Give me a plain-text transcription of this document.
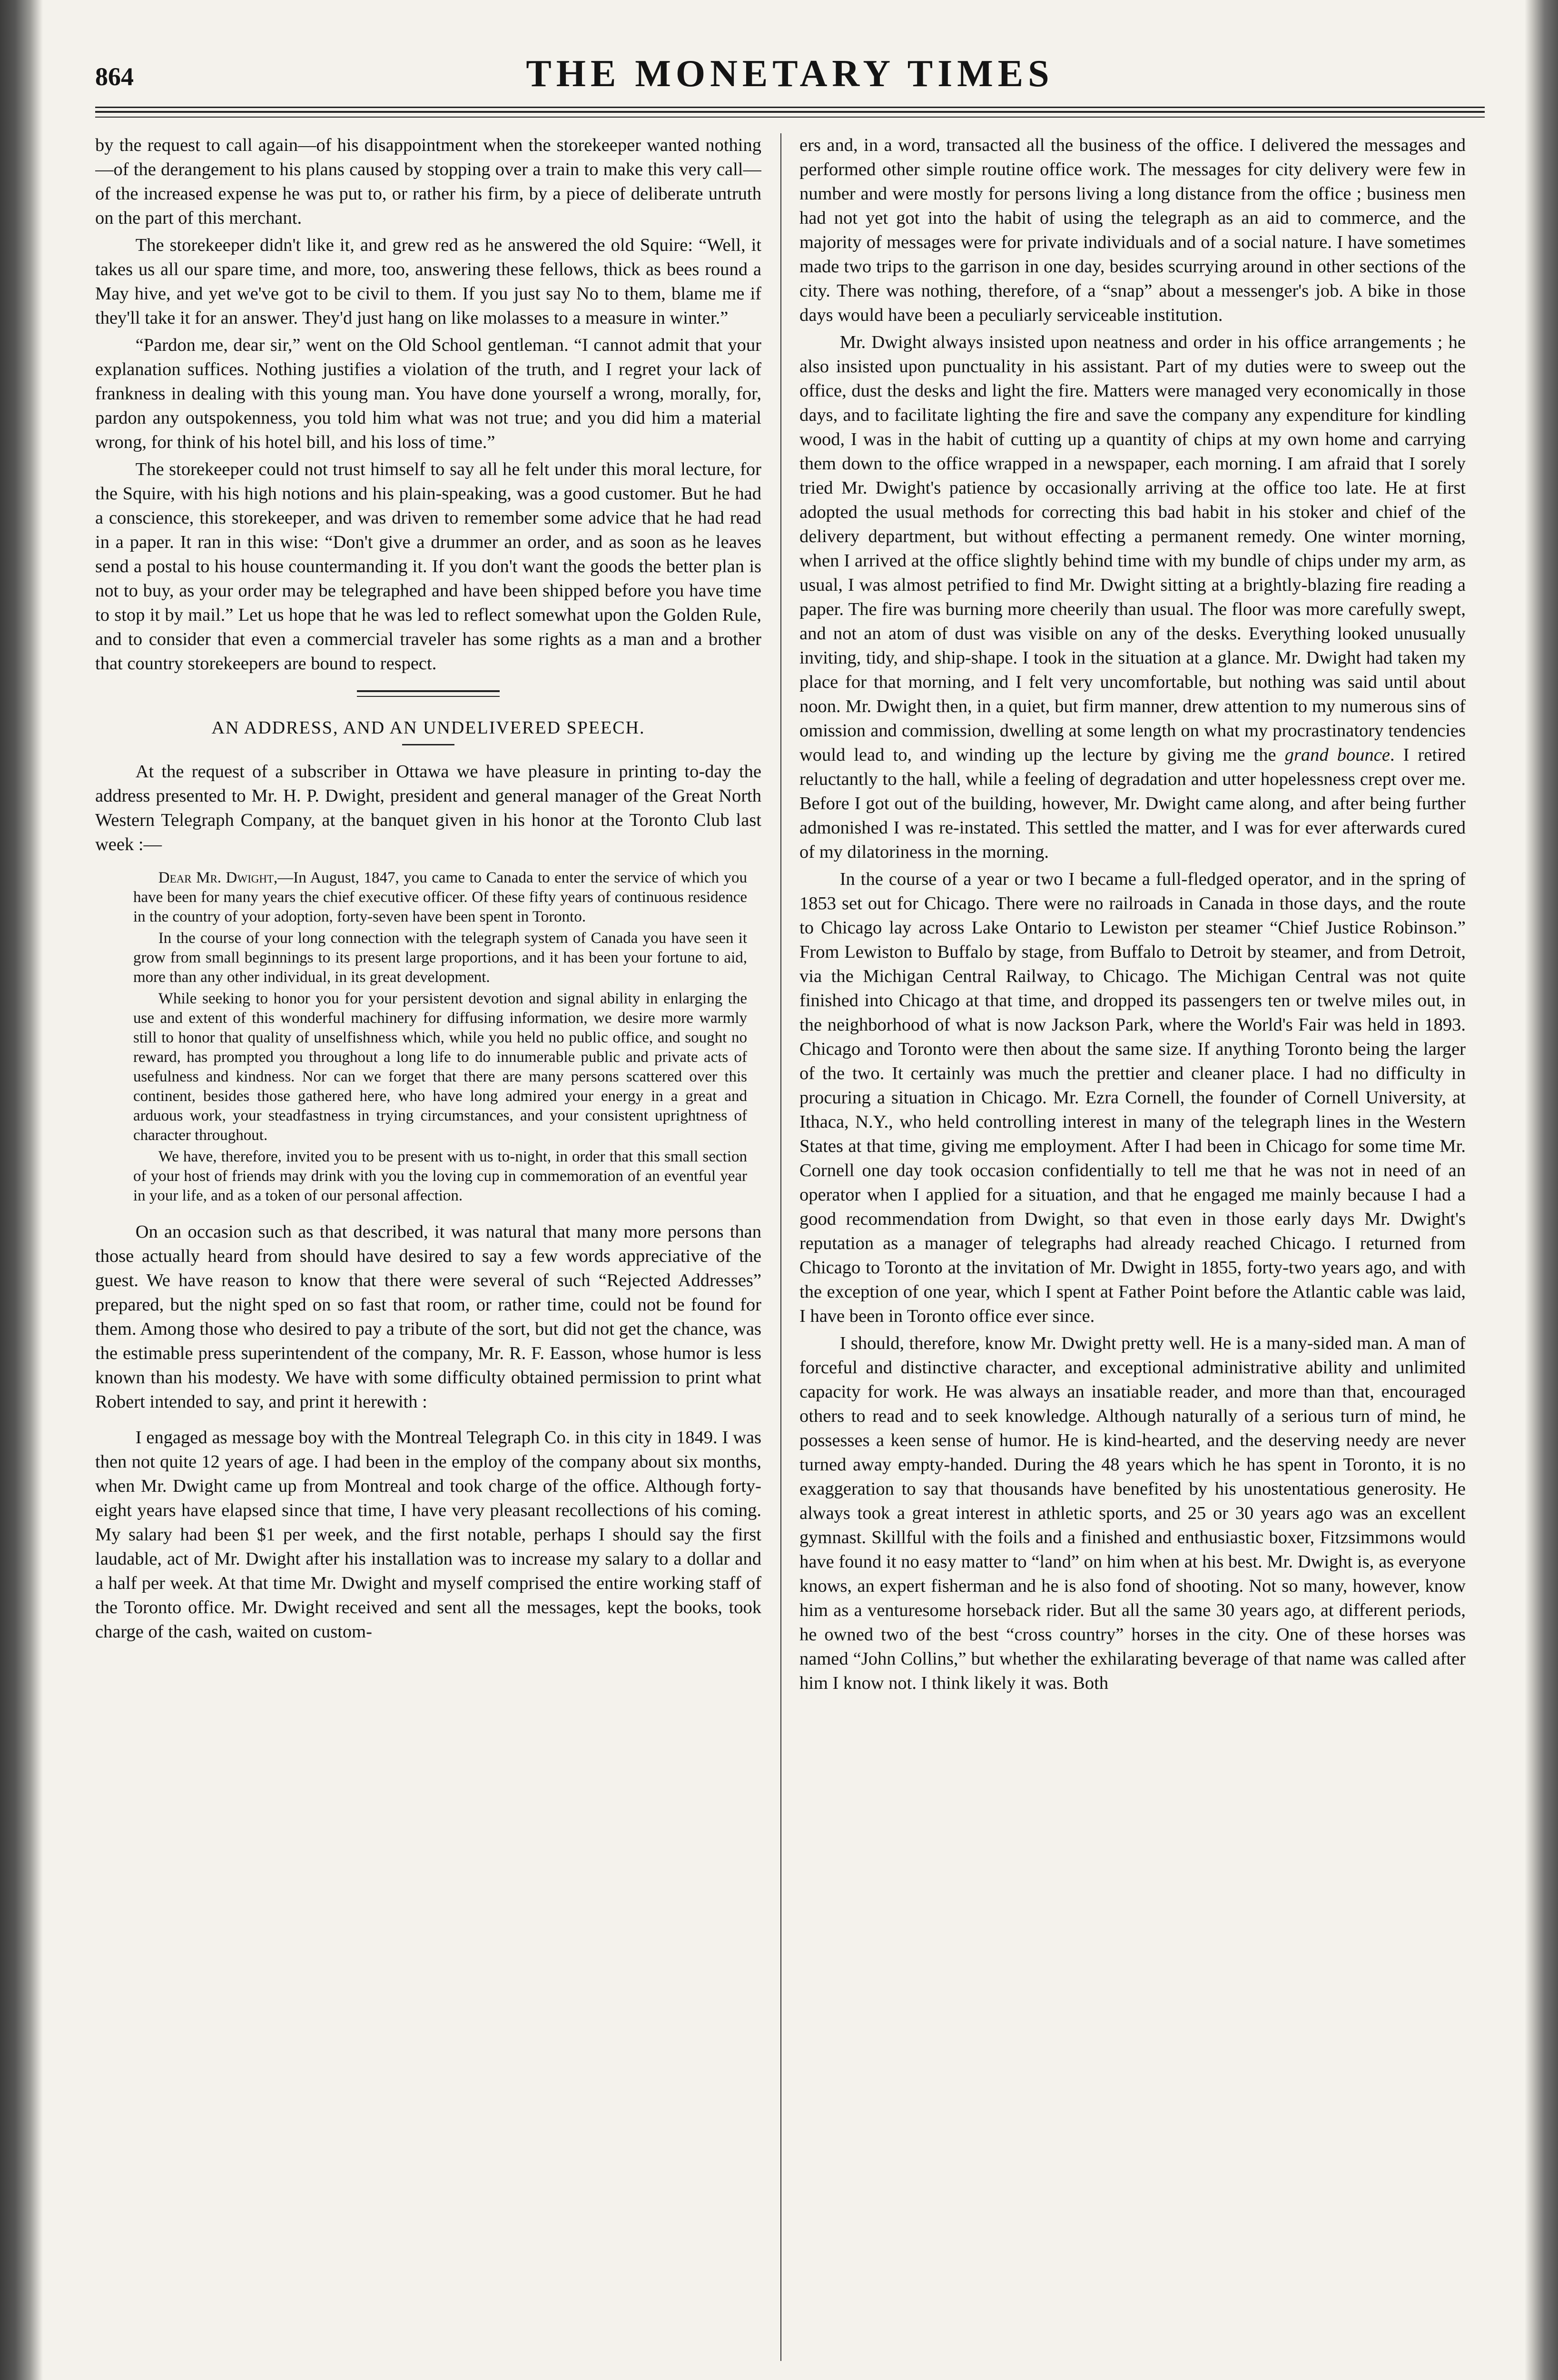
864	THE MONETARY TIMES

by the request to call again—of his disappointment when the storekeeper wanted nothing—of the derangement to his plans caused by stopping over a train to make this very call—of the increased expense he was put to, or rather his firm, by a piece of deliberate untruth on the part of this merchant.

The storekeeper didn't like it, and grew red as he answered the old Squire: “Well, it takes us all our spare time, and more, too, answering these fellows, thick as bees round a May hive, and yet we've got to be civil to them. If you just say No to them, blame me if they'll take it for an answer. They'd just hang on like molasses to a measure in winter.”

“Pardon me, dear sir,” went on the Old School gentleman. “I cannot admit that your explanation suffices. Nothing justifies a violation of the truth, and I regret your lack of frankness in dealing with this young man. You have done yourself a wrong, morally, for, pardon any outspokenness, you told him what was not true; and you did him a material wrong, for think of his hotel bill, and his loss of time.”

The storekeeper could not trust himself to say all he felt under this moral lecture, for the Squire, with his high notions and his plain-speaking, was a good customer. But he had a conscience, this storekeeper, and was driven to remember some advice that he had read in a paper. It ran in this wise: “Don't give a drummer an order, and as soon as he leaves send a postal to his house countermanding it. If you don't want the goods the better plan is not to buy, as your order may be telegraphed and have been shipped before you have time to stop it by mail.” Let us hope that he was led to reflect somewhat upon the Golden Rule, and to consider that even a commercial traveler has some rights as a man and a brother that country storekeepers are bound to respect.

AN ADDRESS, AND AN UNDELIVERED SPEECH.

At the request of a subscriber in Ottawa we have pleasure in printing to-day the address presented to Mr. H. P. Dwight, president and general manager of the Great North Western Telegraph Company, at the banquet given in his honor at the Toronto Club last week :—

Dear Mr. Dwight,—In August, 1847, you came to Canada to enter the service of which you have been for many years the chief executive officer. Of these fifty years of continuous residence in the country of your adoption, forty-seven have been spent in Toronto.

In the course of your long connection with the telegraph system of Canada you have seen it grow from small beginnings to its present large proportions, and it has been your fortune to aid, more than any other individual, in its great development.

While seeking to honor you for your persistent devotion and signal ability in enlarging the use and extent of this wonderful machinery for diffusing information, we desire more warmly still to honor that quality of unselfishness which, while you held no public office, and sought no reward, has prompted you throughout a long life to do innumerable public and private acts of usefulness and kindness. Nor can we forget that there are many persons scattered over this continent, besides those gathered here, who have long admired your energy in a great and arduous work, your steadfastness in trying circumstances, and your consistent uprightness of character throughout.

We have, therefore, invited you to be present with us to-night, in order that this small section of your host of friends may drink with you the loving cup in commemoration of an eventful year in your life, and as a token of our personal affection.

On an occasion such as that described, it was natural that many more persons than those actually heard from should have desired to say a few words appreciative of the guest. We have reason to know that there were several of such “Rejected Addresses” prepared, but the night sped on so fast that room, or rather time, could not be found for them. Among those who desired to pay a tribute of the sort, but did not get the chance, was the estimable press superintendent of the company, Mr. R. F. Easson, whose humor is less known than his modesty. We have with some difficulty obtained permission to print what Robert intended to say, and print it herewith :

I engaged as message boy with the Montreal Telegraph Co. in this city in 1849. I was then not quite 12 years of age. I had been in the employ of the company about six months, when Mr. Dwight came up from Montreal and took charge of the office. Although forty-eight years have elapsed since that time, I have very pleasant recollections of his coming. My salary had been $1 per week, and the first notable, perhaps I should say the first laudable, act of Mr. Dwight after his installation was to increase my salary to a dollar and a half per week. At that time Mr. Dwight and myself comprised the entire working staff of the Toronto office. Mr. Dwight received and sent all the messages, kept the books, took charge of the cash, waited on custom-

ers and, in a word, transacted all the business of the office. I delivered the messages and performed other simple routine office work. The messages for city delivery were few in number and were mostly for persons living a long distance from the office ; business men had not yet got into the habit of using the telegraph as an aid to commerce, and the majority of messages were for private individuals and of a social nature. I have sometimes made two trips to the garrison in one day, besides scurrying around in other sections of the city. There was nothing, therefore, of a “snap” about a messenger's job. A bike in those days would have been a peculiarly serviceable institution.

Mr. Dwight always insisted upon neatness and order in his office arrangements ; he also insisted upon punctuality in his assistant. Part of my duties were to sweep out the office, dust the desks and light the fire. Matters were managed very economically in those days, and to facilitate lighting the fire and save the company any expenditure for kindling wood, I was in the habit of cutting up a quantity of chips at my own home and carrying them down to the office wrapped in a newspaper, each morning. I am afraid that I sorely tried Mr. Dwight's patience by occasionally arriving at the office too late. He at first adopted the usual methods for correcting this bad habit in his stoker and chief of the delivery department, but without effecting a permanent remedy. One winter morning, when I arrived at the office slightly behind time with my bundle of chips under my arm, as usual, I was almost petrified to find Mr. Dwight sitting at a brightly-blazing fire reading a paper. The fire was burning more cheerily than usual. The floor was more carefully swept, and not an atom of dust was visible on any of the desks. Everything looked unusually inviting, tidy, and ship-shape. I took in the situation at a glance. Mr. Dwight had taken my place for that morning, and I felt very uncomfortable, but nothing was said until about noon. Mr. Dwight then, in a quiet, but firm manner, drew attention to my numerous sins of omission and commission, dwelling at some length on what my procrastinatory tendencies would lead to, and winding up the lecture by giving me the grand bounce. I retired reluctantly to the hall, while a feeling of degradation and utter hopelessness crept over me. Before I got out of the building, however, Mr. Dwight came along, and after being further admonished I was re-instated. This settled the matter, and I was for ever afterwards cured of my dilatoriness in the morning.

In the course of a year or two I became a full-fledged operator, and in the spring of 1853 set out for Chicago. There were no railroads in Canada in those days, and the route to Chicago lay across Lake Ontario to Lewiston per steamer “Chief Justice Robinson.” From Lewiston to Buffalo by stage, from Buffalo to Detroit by steamer, and from Detroit, via the Michigan Central Railway, to Chicago. The Michigan Central was not quite finished into Chicago at that time, and dropped its passengers ten or twelve miles out, in the neighborhood of what is now Jackson Park, where the World's Fair was held in 1893. Chicago and Toronto were then about the same size. If anything Toronto being the larger of the two. It certainly was much the prettier and cleaner place. I had no difficulty in procuring a situation in Chicago. Mr. Ezra Cornell, the founder of Cornell University, at Ithaca, N.Y., who held controlling interest in many of the telegraph lines in the Western States at that time, giving me employment. After I had been in Chicago for some time Mr. Cornell one day took occasion confidentially to tell me that he was not in need of an operator when I applied for a situation, and that he engaged me mainly because I had a good recommendation from Dwight, so that even in those early days Mr. Dwight's reputation as a manager of telegraphs had already reached Chicago. I returned from Chicago to Toronto at the invitation of Mr. Dwight in 1855, forty-two years ago, and with the exception of one year, which I spent at Father Point before the Atlantic cable was laid, I have been in Toronto office ever since.

I should, therefore, know Mr. Dwight pretty well. He is a many-sided man. A man of forceful and distinctive character, and exceptional administrative ability and unlimited capacity for work. He was always an insatiable reader, and more than that, encouraged others to read and to seek knowledge. Although naturally of a serious turn of mind, he possesses a keen sense of humor. He is kind-hearted, and the deserving needy are never turned away empty-handed. During the 48 years which he has spent in Toronto, it is no exaggeration to say that thousands have benefited by his unostentatious generosity. He always took a great interest in athletic sports, and 25 or 30 years ago was an excellent gymnast. Skillful with the foils and a finished and enthusiastic boxer, Fitzsimmons would have found it no easy matter to “land” on him when at his best. Mr. Dwight is, as everyone knows, an expert fisherman and he is also fond of shooting. Not so many, however, know him as a venturesome horseback rider. But all the same 30 years ago, at different periods, he owned two of the best “cross country” horses in the city. One of these horses was named “John Collins,” but whether the exhilarating beverage of that name was called after him I know not. I think likely it was. Both
